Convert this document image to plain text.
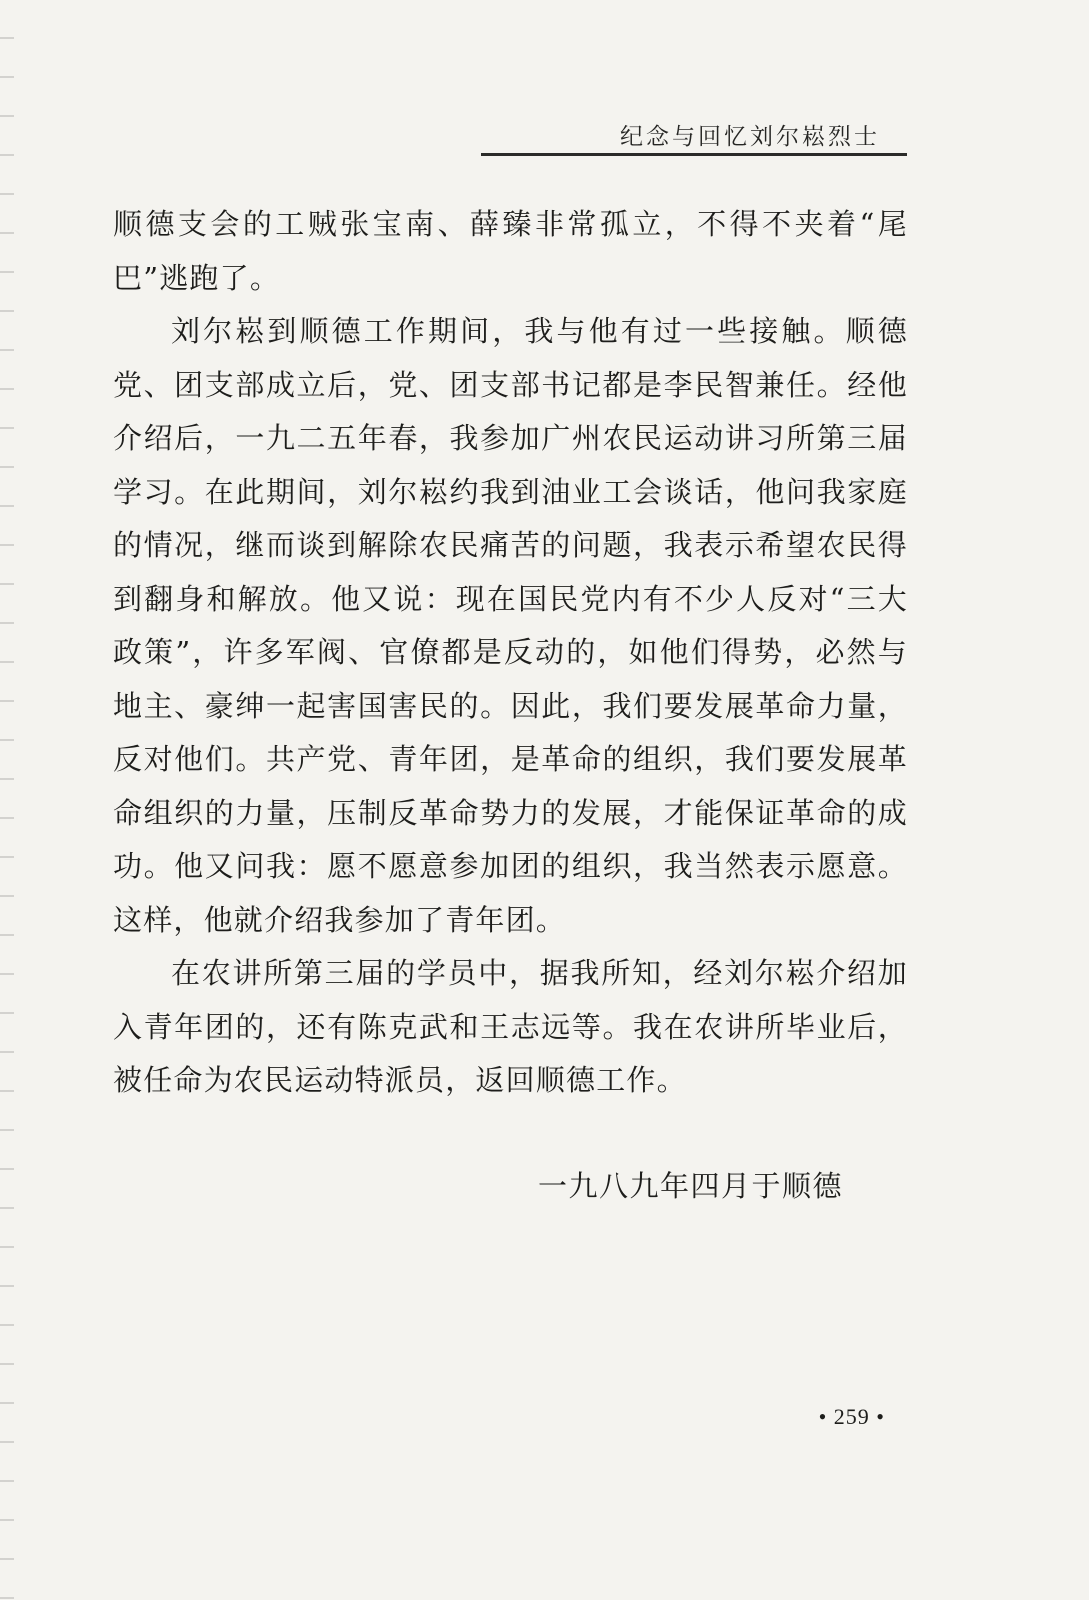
纪念与回忆刘尔崧烈士

顺德支会的工贼张宝南、薛臻非常孤立，不得不夹着“尾巴”逃跑了。

刘尔崧到顺德工作期间，我与他有过一些接触。顺德党、团支部成立后，党、团支部书记都是李民智兼任。经他介绍后，一九二五年春，我参加广州农民运动讲习所第三届学习。在此期间，刘尔崧约我到油业工会谈话，他问我家庭的情况，继而谈到解除农民痛苦的问题，我表示希望农民得到翻身和解放。他又说：现在国民党内有不少人反对“三大政策”，许多军阀、官僚都是反动的，如他们得势，必然与地主、豪绅一起害国害民的。因此，我们要发展革命力量，反对他们。共产党、青年团，是革命的组织，我们要发展革命组织的力量，压制反革命势力的发展，才能保证革命的成功。他又问我：愿不愿意参加团的组织，我当然表示愿意。这样，他就介绍我参加了青年团。

在农讲所第三届的学员中，据我所知，经刘尔崧介绍加入青年团的，还有陈克武和王志远等。我在农讲所毕业后，被任命为农民运动特派员，返回顺德工作。

一九八九年四月于顺德
• 259 •
